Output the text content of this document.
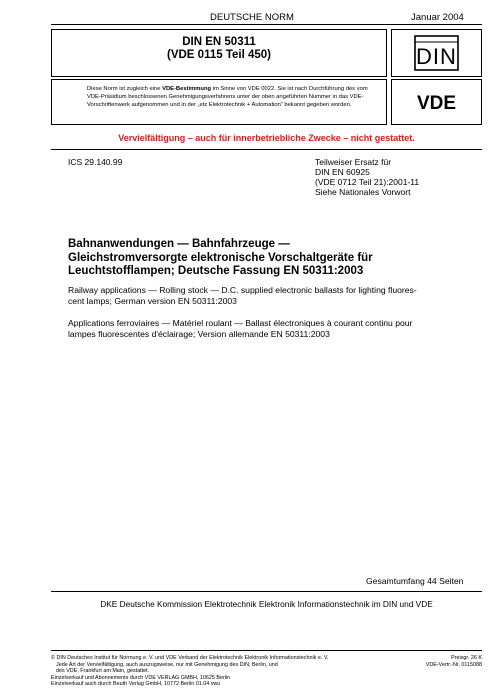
DEUTSCHE NORM	Januar 2004
DIN EN 50311
(VDE 0115 Teil 450)	DIN
Diese Norm ist zugleich eine VDE-Bestimmung im Sinne von VDE 0022. Sie ist nach Durchführung des vom VDE-Präsidium beschlossenen Genehmigungsverfahrens unter der oben angeführten Nummer in das VDE-Vorschriftenwerk aufgenommen und in der „etz Elektrotechnik + Automation“ bekannt gegeben worden.	VDE
Vervielfältigung – auch für innerbetriebliche Zwecke – nicht gestattet.
ICS 29.140.99	Teilweiser Ersatz für
DIN EN 60925
(VDE 0712 Teil 21):2001-11
Siehe Nationales Vorwort
Bahnanwendungen — Bahnfahrzeuge —
Gleichstromversorgte elektronische Vorschaltgeräte für
Leuchtstofflampen; Deutsche Fassung EN 50311:2003
Railway applications — Rolling stock — D.C. supplied electronic ballasts for lighting fluores-
cent lamps; German version EN 50311:2003
Applications ferroviaires — Matériel roulant — Ballast électroniques à courant continu pour
lampes fluorescentes d'éclairage; Version allemande EN 50311:2003
Gesamtumfang 44 Seiten
DKE Deutsche Kommission Elektrotechnik Elektronik Informationstechnik im DIN und VDE
© DIN Deutsches Institut für Normung e. V. und VDE Verband der Elektrotechnik Elektronik Informationstechnik e. V.
Jede Art der Vervielfältigung, auch auszugsweise, nur mit Genehmigung des DIN, Berlin, und
des VDE, Frankfurt am Main, gestattet.
Einzelverkauf und Abonnements durch VDE VERLAG GMBH, 10625 Berlin
Einzelverkauf auch durch Beuth Verlag GmbH, 10772 Berlin 01.04 vwu
Preisgr. 26 K
VDE-Vertr.-Nr. 0115088
